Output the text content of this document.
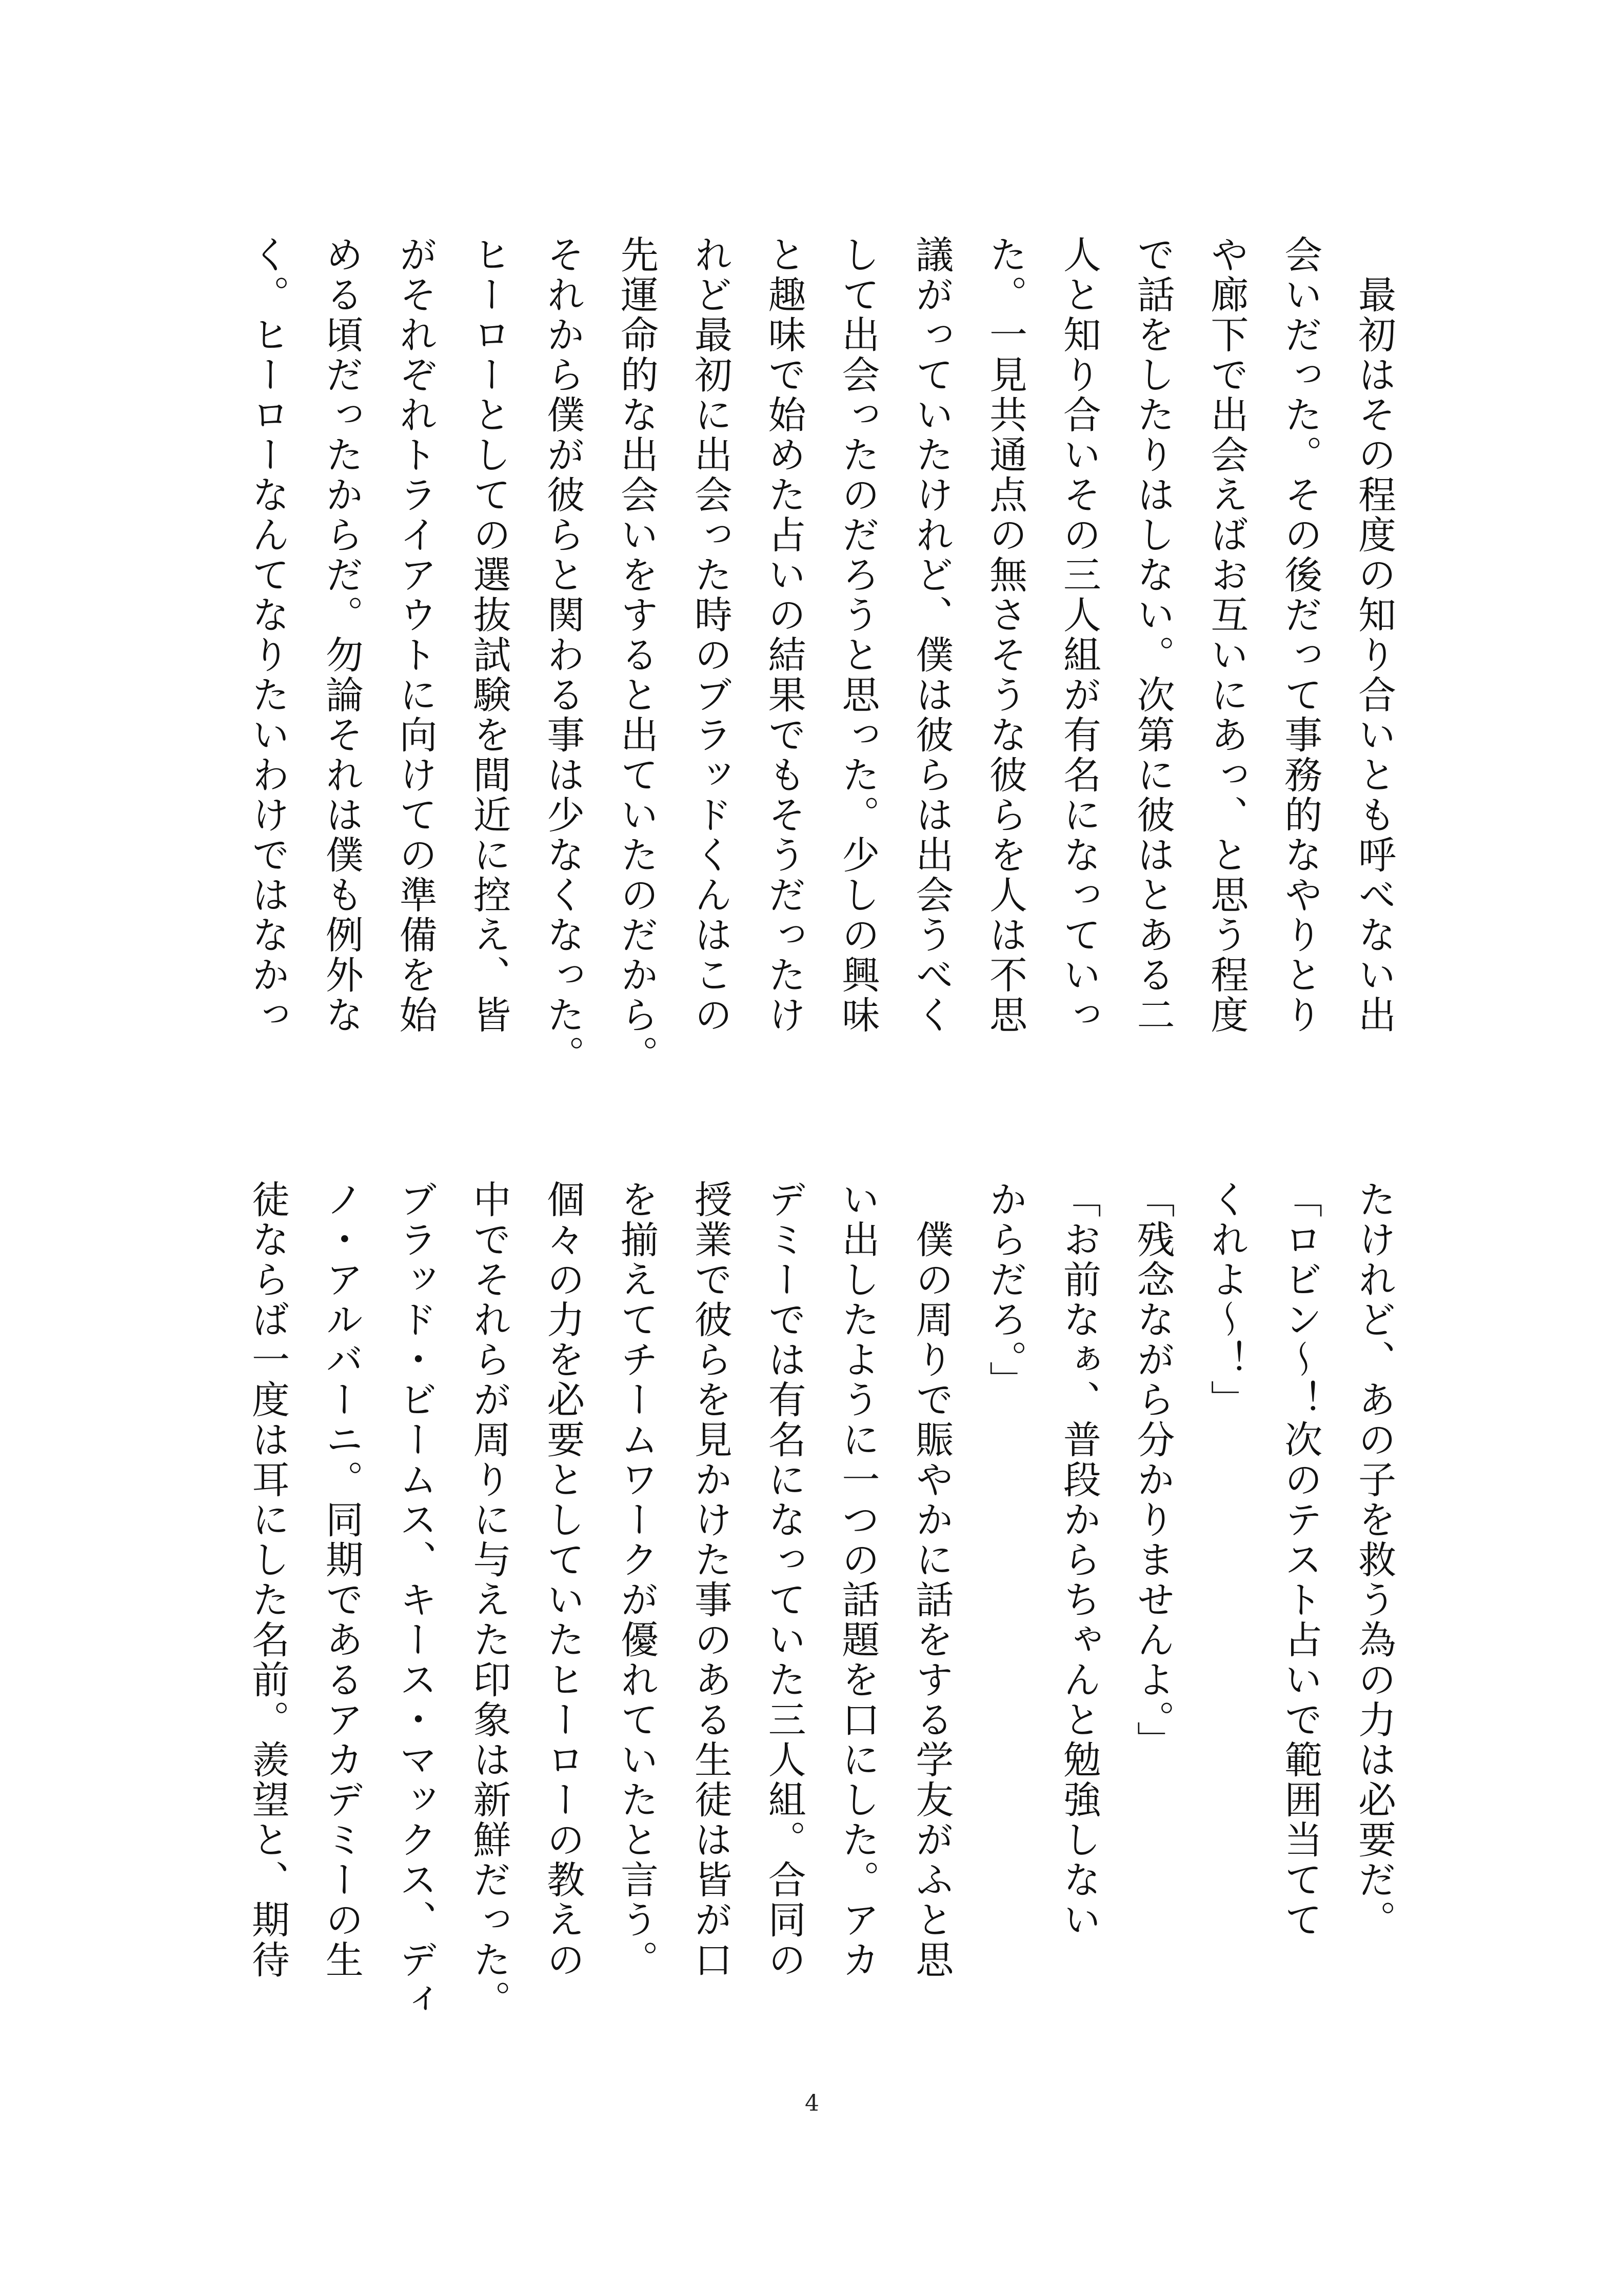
　最初はその程度の知り合いとも呼べない出
会いだった。その後だって事務的なやりとり
や廊下で出会えばお互いにあっ、と思う程度
で話をしたりはしない。次第に彼はとある二
人と知り合いその三人組が有名になっていっ
た。一見共通点の無さそうな彼らを人は不思
議がっていたけれど、僕は彼らは出会うべく
して出会ったのだろうと思った。少しの興味
と趣味で始めた占いの結果でもそうだったけ
れど最初に出会った時のブラッドくんはこの
先運命的な出会いをすると出ていたのだから。
それから僕が彼らと関わる事は少なくなった。
ヒーローとしての選抜試験を間近に控え、皆
がそれぞれトライアウトに向けての準備を始
める頃だったからだ。勿論それは僕も例外な
く。ヒーローなんてなりたいわけではなかっ
たけれど、あの子を救う為の力は必要だ。
「ロビン〜！次のテスト占いで範囲当てて
くれよ〜！」
「残念ながら分かりませんよ。」
「お前なぁ、普段からちゃんと勉強しない
からだろ。」
　僕の周りで賑やかに話をする学友がふと思
い出したように一つの話題を口にした。アカ
デミーでは有名になっていた三人組。合同の
授業で彼らを見かけた事のある生徒は皆が口
を揃えてチームワークが優れていたと言う。
個々の力を必要としていたヒーローの教えの
中でそれらが周りに与えた印象は新鮮だった。
ブラッド・ビームス、キース・マックス、ディ
ノ・アルバーニ。同期であるアカデミーの生
徒ならば一度は耳にした名前。羨望と、期待
4
